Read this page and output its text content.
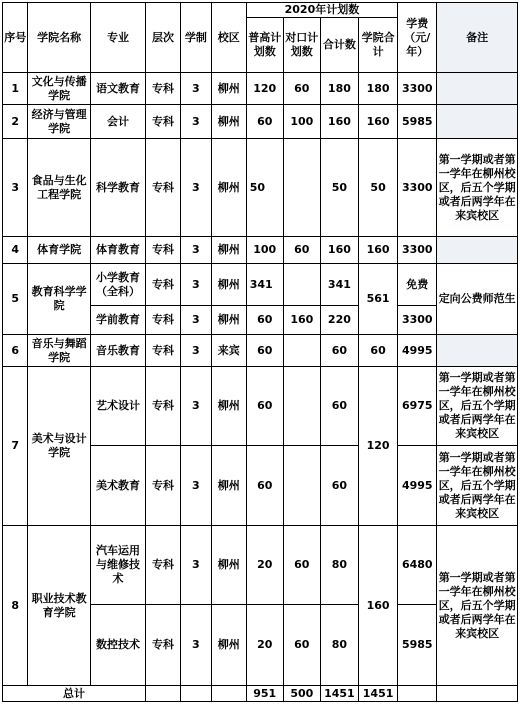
序号	学院名称	专业	层次	学制	校区	2020年计划数				学费（元/年）	备注
						普高计划数	对口计划数	合计数	学院合计		
1	文化与传播学院	语文教育	专科	3	柳州	120	60	180	180	3300	
2	经济与管理学院	会计	专科	3	柳州	60	100	160	160	5985	
3	食品与生化工程学院	科学教育	专科	3	柳州	50		50	50	3300	第一学期或者第一学年在柳州校区，后五个学期或者后两学年在来宾校区
4	体育学院	体育教育	专科	3	柳州	100	60	160	160	3300	
5	教育科学学院	小学教育（全科）	专科	3	柳州	341		341	561	免费	定向公费师范生
		学前教育	专科	3	柳州	60	160	220		3300	
6	音乐与舞蹈学院	音乐教育	专科	3	来宾	60		60	60	4995	
7	美术与设计学院	艺术设计	专科	3	柳州	60		60	120	6975	第一学期或者第一学年在柳州校区，后五个学期或者后两学年在来宾校区
		美术教育	专科	3	柳州	60		60		4995	第一学期或者第一学年在柳州校区，后五个学期或者后两学年在来宾校区
8	职业技术教育学院	汽车运用与维修技术	专科	3	柳州	20	60	80	160	6480	第一学期或者第一学年在柳州校区，后五个学期或者后两学年在来宾校区
		数控技术	专科	3	柳州	20	60	80		5985	
总计						951	500	1451	1451		
